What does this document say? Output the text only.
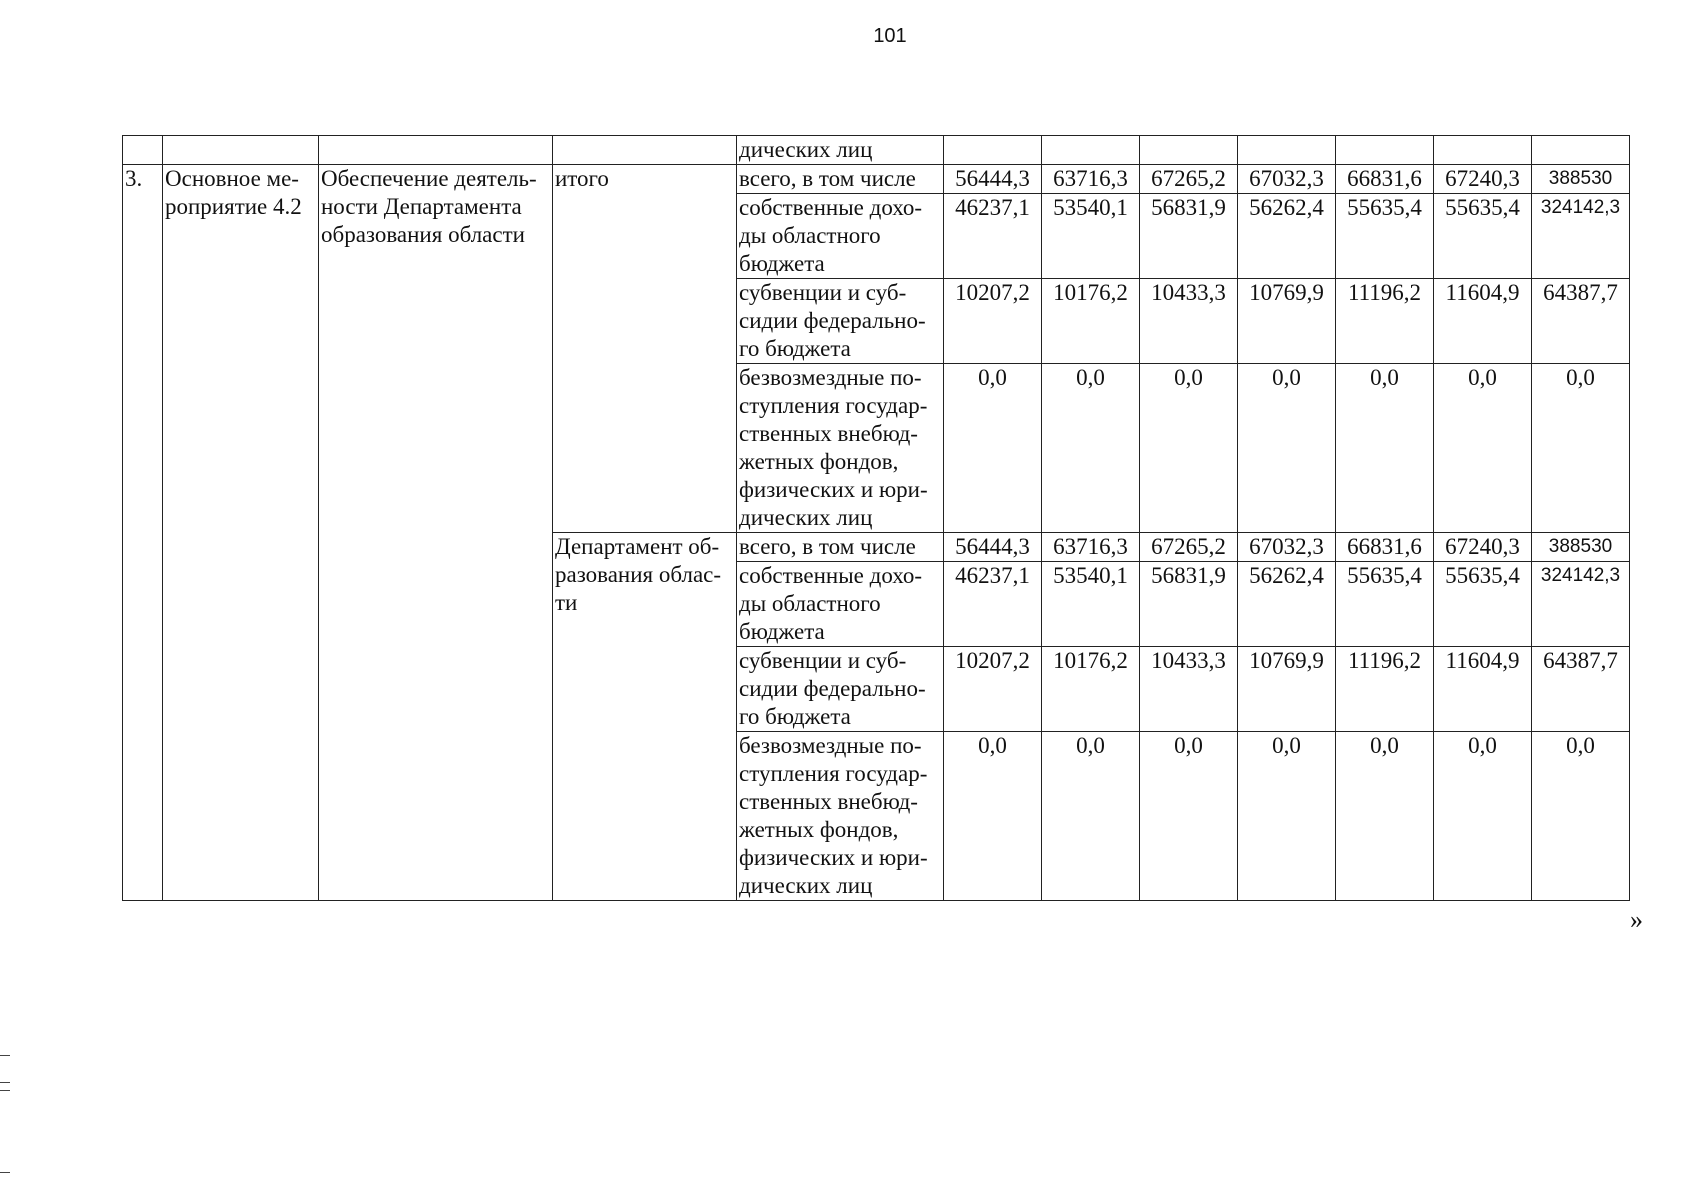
101
				дических лиц							
3.	Основное ме-роприятие 4.2	Обеспечение деятель-ности Департамента образования области	итого	всего, в том числе	56444,3	63716,3	67265,2	67032,3	66831,6	67240,3	388530
				собственные дохо-ды областного бюджета	46237,1	53540,1	56831,9	56262,4	55635,4	55635,4	324142,3
				субвенции и суб-сидии федерально-го бюджета	10207,2	10176,2	10433,3	10769,9	11196,2	11604,9	64387,7
				безвозмездные по-ступления государ-ственных внебюд-жетных фондов, физических и юри-дических лиц	0,0	0,0	0,0	0,0	0,0	0,0	0,0
			Департамент об-разования облас-ти	всего, в том числе	56444,3	63716,3	67265,2	67032,3	66831,6	67240,3	388530
				собственные дохо-ды областного бюджета	46237,1	53540,1	56831,9	56262,4	55635,4	55635,4	324142,3
				субвенции и суб-сидии федерально-го бюджета	10207,2	10176,2	10433,3	10769,9	11196,2	11604,9	64387,7
				безвозмездные по-ступления государ-ственных внебюд-жетных фондов, физических и юри-дических лиц	0,0	0,0	0,0	0,0	0,0	0,0	0,0
»
